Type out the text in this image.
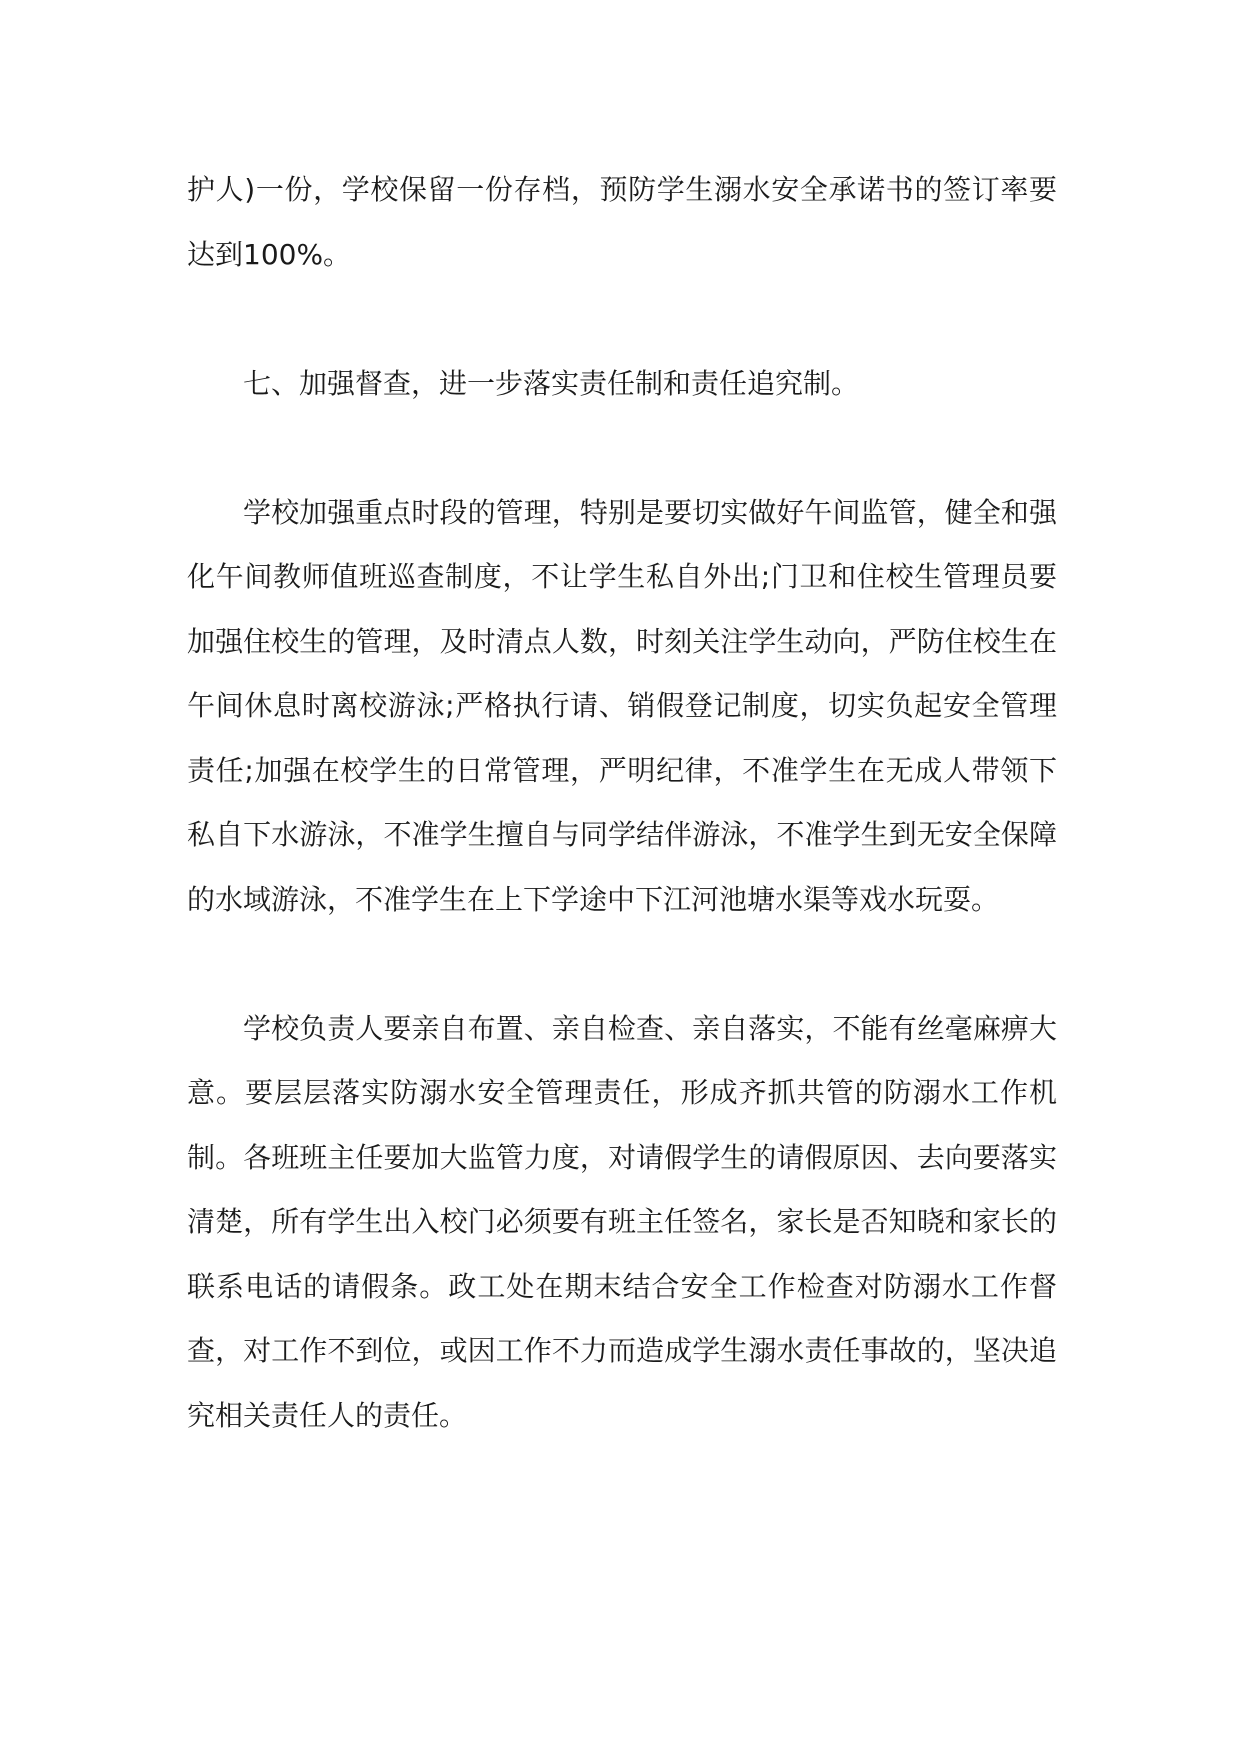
护人)一份，学校保留一份存档，预防学生溺水安全承诺书的签订率要达到100%。

七、加强督查，进一步落实责任制和责任追究制。

学校加强重点时段的管理，特别是要切实做好午间监管，健全和强化午间教师值班巡查制度，不让学生私自外出;门卫和住校生管理员要加强住校生的管理，及时清点人数，时刻关注学生动向，严防住校生在午间休息时离校游泳;严格执行请、销假登记制度，切实负起安全管理责任;加强在校学生的日常管理，严明纪律，不准学生在无成人带领下私自下水游泳，不准学生擅自与同学结伴游泳，不准学生到无安全保障的水域游泳，不准学生在上下学途中下江河池塘水渠等戏水玩耍。

学校负责人要亲自布置、亲自检查、亲自落实，不能有丝毫麻痹大意。要层层落实防溺水安全管理责任，形成齐抓共管的防溺水工作机制。各班班主任要加大监管力度，对请假学生的请假原因、去向要落实清楚，所有学生出入校门必须要有班主任签名，家长是否知晓和家长的联系电话的请假条。政工处在期末结合安全工作检查对防溺水工作督查，对工作不到位，或因工作不力而造成学生溺水责任事故的，坚决追究相关责任人的责任。
